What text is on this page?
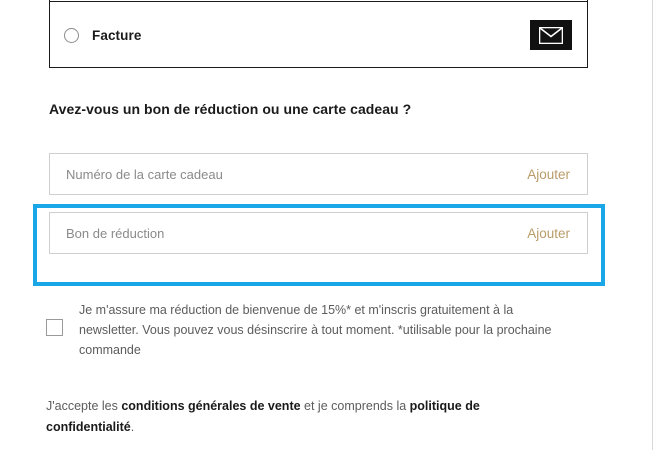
Facture
Avez-vous un bon de réduction ou une carte cadeau ?
Numéro de la carte cadeau	Ajouter
Bon de réduction	Ajouter
Je m'assure ma réduction de bienvenue de 15%* et m'inscris gratuitement à la newsletter. Vous pouvez vous désinscrire à tout moment. *utilisable pour la prochaine commande
J'accepte les conditions générales de vente et je comprends la politique de confidentialité.
